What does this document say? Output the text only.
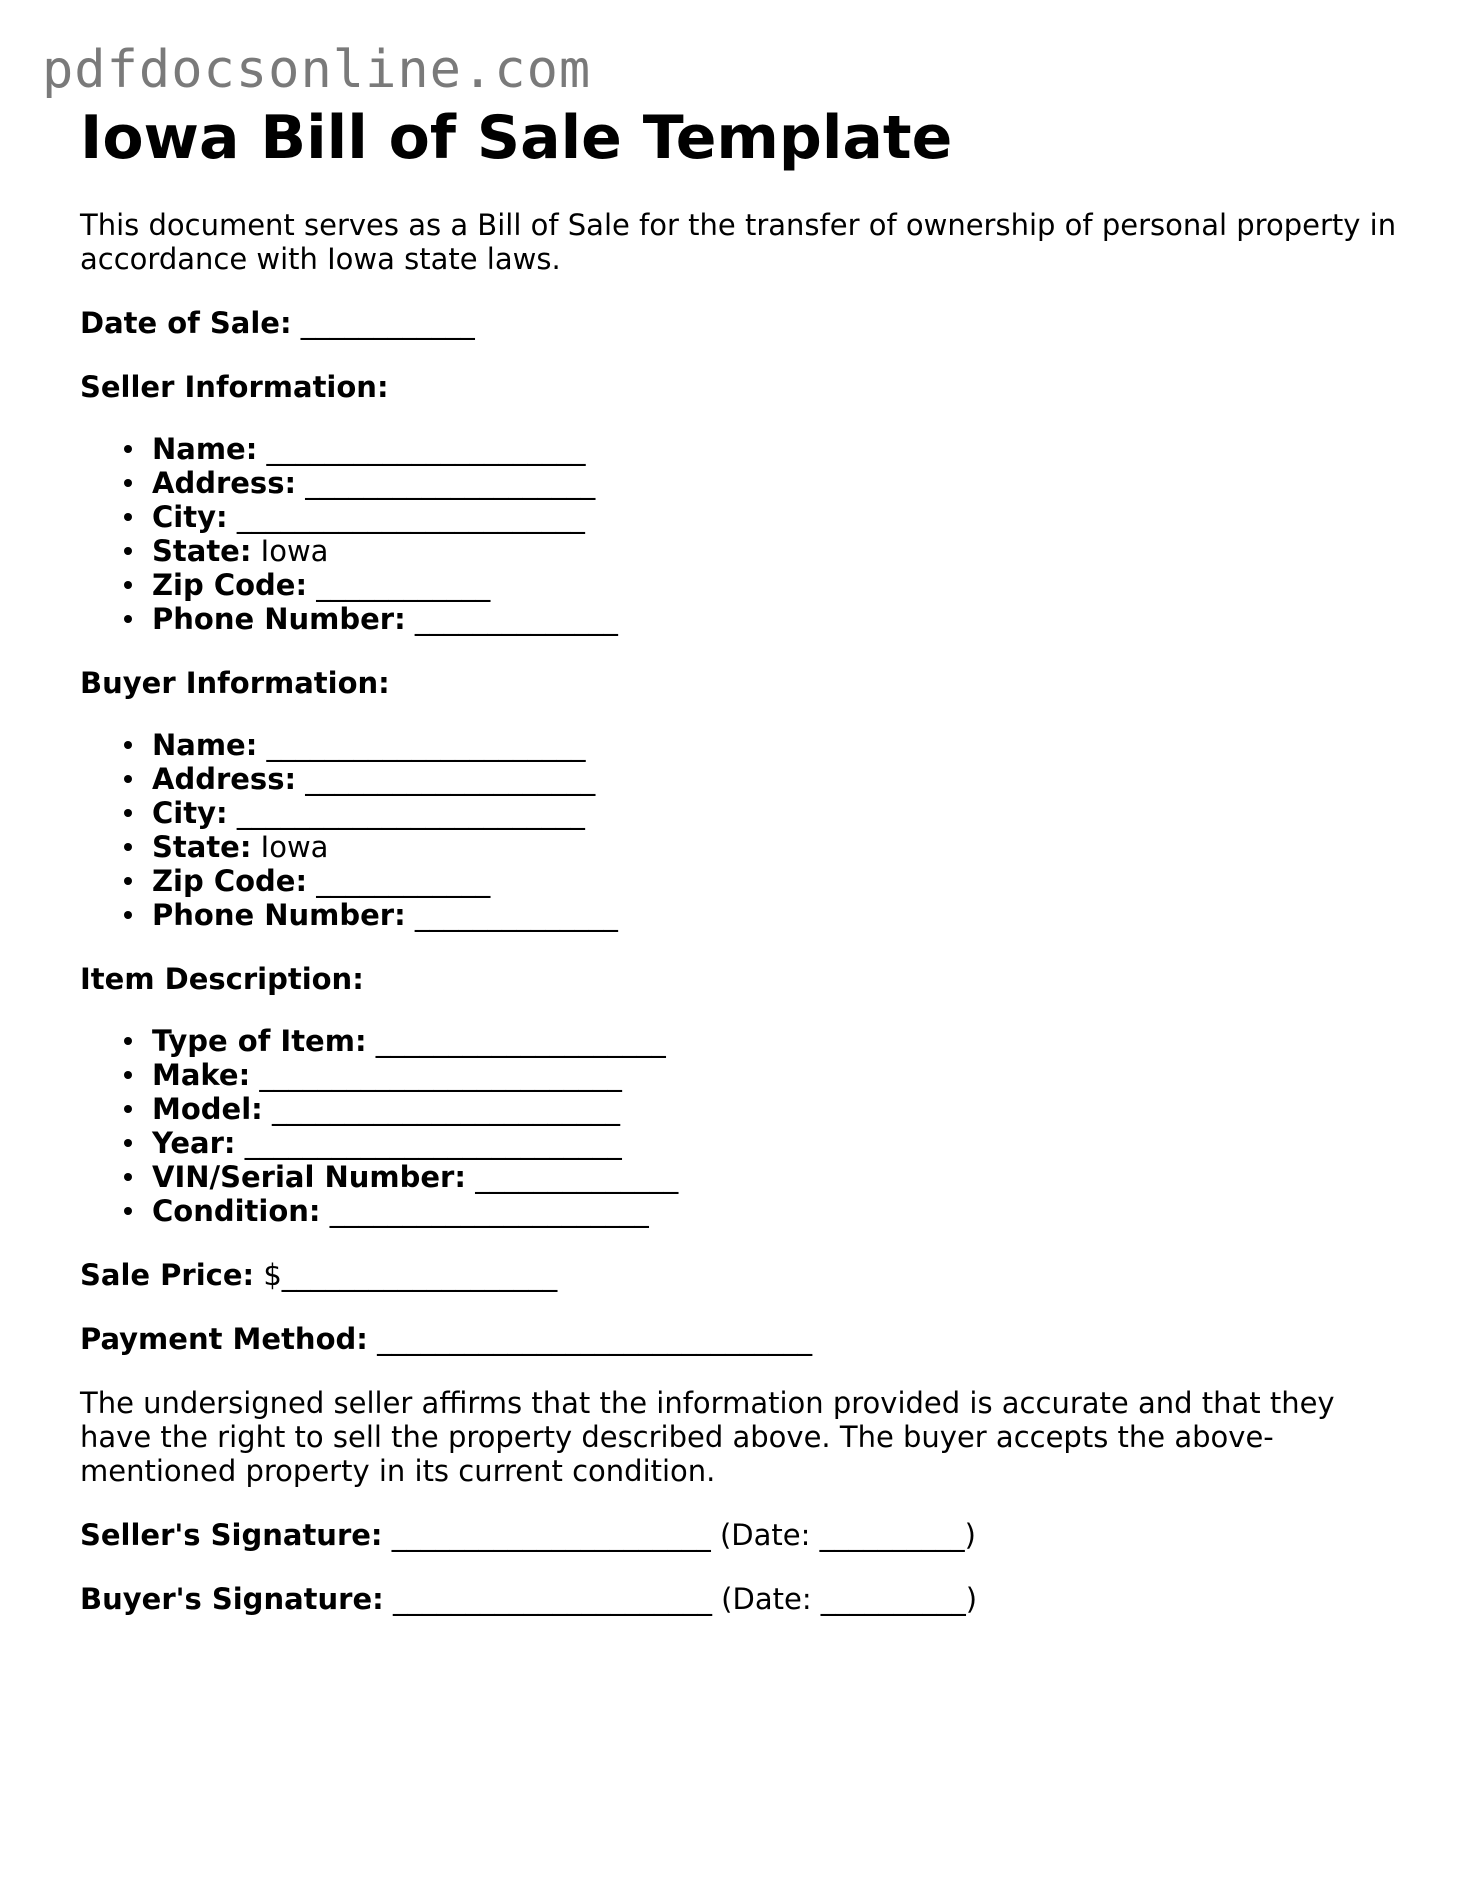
pdfdocsonline.com
Iowa Bill of Sale Template

This document serves as a Bill of Sale for the transfer of ownership of personal property in accordance with Iowa state laws.

Date of Sale: ____________

Seller Information:

Name: ______________________
Address: ____________________
City: ________________________
State: Iowa
Zip Code: ____________
Phone Number: ______________

Buyer Information:

Name: ______________________
Address: ____________________
City: ________________________
State: Iowa
Zip Code: ____________
Phone Number: ______________

Item Description:

Type of Item: ____________________
Make: _________________________
Model: ________________________
Year: __________________________
VIN/Serial Number: ______________
Condition: ______________________

Sale Price: $___________________

Payment Method: ______________________________

The undersigned seller affirms that the information provided is accurate and that they have the right to sell the property described above. The buyer accepts the above-mentioned property in its current condition.

Seller's Signature: ______________________ (Date: __________)

Buyer's Signature: ______________________ (Date: __________)
